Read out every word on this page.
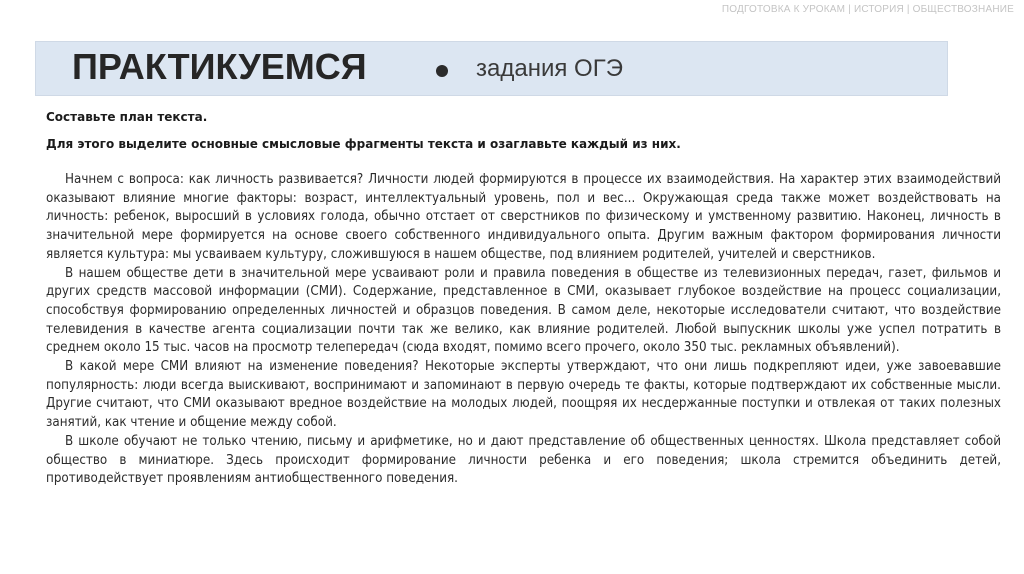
ПОДГОТОВКА К УРОКАМ | ИСТОРИЯ | ОБЩЕСТВОЗНАНИЕ
ПРАКТИКУЕМСЯ	задания ОГЭ
Составьте план текста.
Для этого выделите основные смысловые фрагменты текста и озаглавьте каждый из них.

Начнем с вопроса: как личность развивается? Личности людей формируются в процессе их взаимодействия. На характер этих взаимодействий оказывают влияние многие факторы: возраст, интеллектуальный уровень, пол и вес... Окружающая среда также может воздействовать на личность: ребенок, выросший в условиях голода, обычно отстает от сверстников по физическому и умственному развитию. Наконец, личность в значительной мере формируется на основе своего собственного индивидуального опыта. Другим важным фактором формирования личности является культура: мы усваиваем культуру, сложившуюся в нашем обществе, под влиянием родителей, учителей и сверстников.

В нашем обществе дети в значительной мере усваивают роли и правила поведения в обществе из телевизионных передач, газет, фильмов и других средств массовой информации (СМИ). Содержание, представленное в СМИ, оказывает глубокое воздействие на процесс социализации, способствуя формированию определенных личностей и образцов поведения. В самом деле, некоторые исследователи считают, что воздействие телевидения в качестве агента социализации почти так же велико, как влияние родителей. Любой выпускник школы уже успел потратить в среднем около 15 тыс. часов на просмотр телепередач (сюда входят, помимо всего прочего, около 350 тыс. рекламных объявлений).

В какой мере СМИ влияют на изменение поведения? Некоторые эксперты утверждают, что они лишь подкрепляют идеи, уже завоевавшие популярность: люди всегда выискивают, воспринимают и запоминают в первую очередь те факты, которые подтверждают их собственные мысли. Другие считают, что СМИ оказывают вредное воздействие на молодых людей, поощряя их несдержанные поступки и отвлекая от таких полезных занятий, как чтение и общение между собой.

В школе обучают не только чтению, письму и арифметике, но и дают представление об общественных ценностях. Школа представляет собой общество в миниатюре. Здесь происходит формирование личности ребенка и его поведения; школа стремится объединить детей, противодействует проявлениям антиобщественного поведения.
